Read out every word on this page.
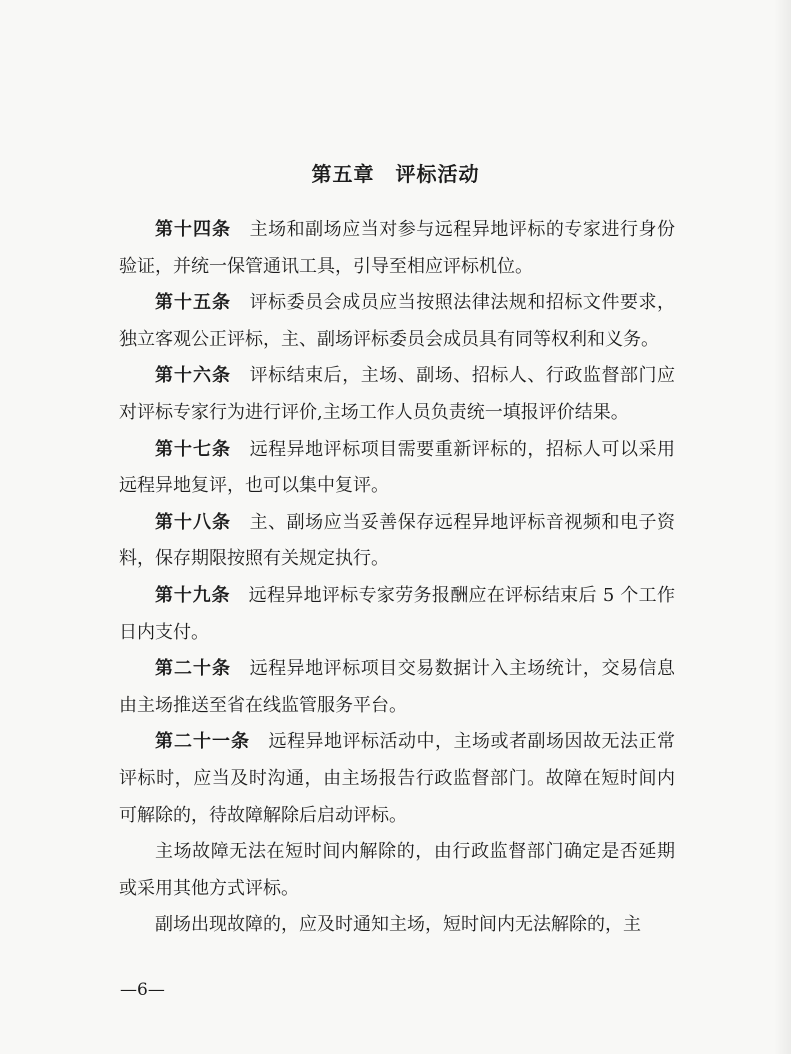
第五章　评标活动

第十四条 主场和副场应当对参与远程异地评标的专家进行身份验证，并统一保管通讯工具，引导至相应评标机位。

第十五条 评标委员会成员应当按照法律法规和招标文件要求，独立客观公正评标，主、副场评标委员会成员具有同等权利和义务。

第十六条 评标结束后，主场、副场、招标人、行政监督部门应对评标专家行为进行评价,主场工作人员负责统一填报评价结果。

第十七条 远程异地评标项目需要重新评标的，招标人可以采用远程异地复评，也可以集中复评。

第十八条 主、副场应当妥善保存远程异地评标音视频和电子资料，保存期限按照有关规定执行。

第十九条 远程异地评标专家劳务报酬应在评标结束后 5 个工作日内支付。

第二十条 远程异地评标项目交易数据计入主场统计，交易信息由主场推送至省在线监管服务平台。

第二十一条 远程异地评标活动中，主场或者副场因故无法正常评标时，应当及时沟通，由主场报告行政监督部门。故障在短时间内可解除的，待故障解除后启动评标。

主场故障无法在短时间内解除的，由行政监督部门确定是否延期或采用其他方式评标。

副场出现故障的，应及时通知主场，短时间内无法解除的，主

—6—
